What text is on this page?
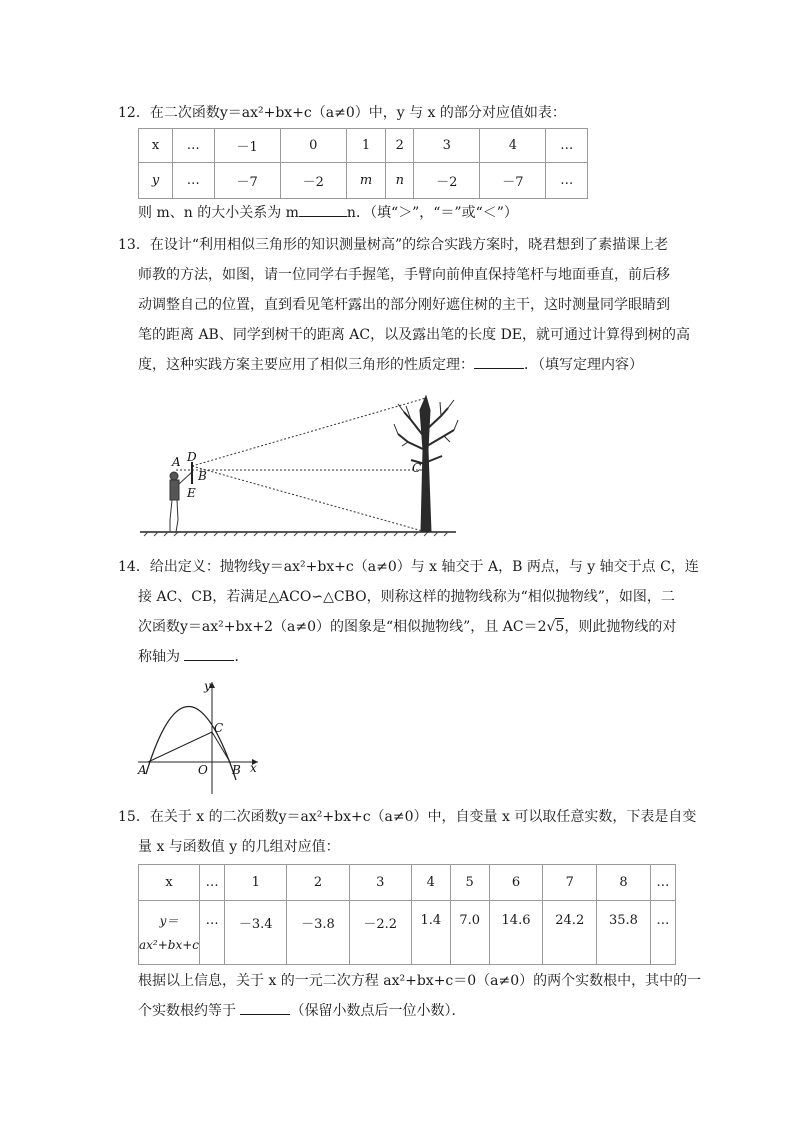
12．在二次函数y＝ax²+bx+c（a≠0）中，y 与 x 的部分对应值如表：
x	…	－1	0	1	2	3	4	…
y	…	－7	－2	m	n	－2	－7	…
则 m、n 的大小关系为 m	n．（填“＞”，“＝”或“＜”）
13．在设计“利用相似三角形的知识测量树高”的综合实践方案时，晓君想到了素描课上老
师教的方法，如图，请一位同学右手握笔，手臂向前伸直保持笔杆与地面垂直，前后移
动调整自己的位置，直到看见笔杆露出的部分刚好遮住树的主干，这时测量同学眼睛到
笔的距离 AB、同学到树干的距离 AC，以及露出笔的长度 DE，就可通过计算得到树的高
度，这种实践方案主要应用了相似三角形的性质定理：	．（填写定理内容）
A D
B
E
C
14．给出定义：抛物线y＝ax²+bx+c（a≠0）与 x 轴交于 A，B 两点，与 y 轴交于点 C，连
接 AC、CB，若满足△ACO∽△CBO，则称这样的抛物线称为“相似抛物线”，如图，二
次函数y＝ax²+bx+2（a≠0）的图象是“相似抛物线”，且 AC＝2√5，则此抛物线的对
称轴为	．
y
x
A	O B
C
15．在关于 x 的二次函数y＝ax²+bx+c（a≠0）中，自变量 x 可以取任意实数，下表是自变
量 x 与函数值 y 的几组对应值：
x	…	1	2	3	4	5	6	7	8	…

y＝
ax²+bx+c	…	－3.4	－3.8	－2.2	1.4	7.0	14.6	24.2	35.8	…
根据以上信息，关于 x 的一元二次方程 ax²+bx+c＝0（a≠0）的两个实数根中，其中的一
个实数根约等于	（保留小数点后一位小数）．
